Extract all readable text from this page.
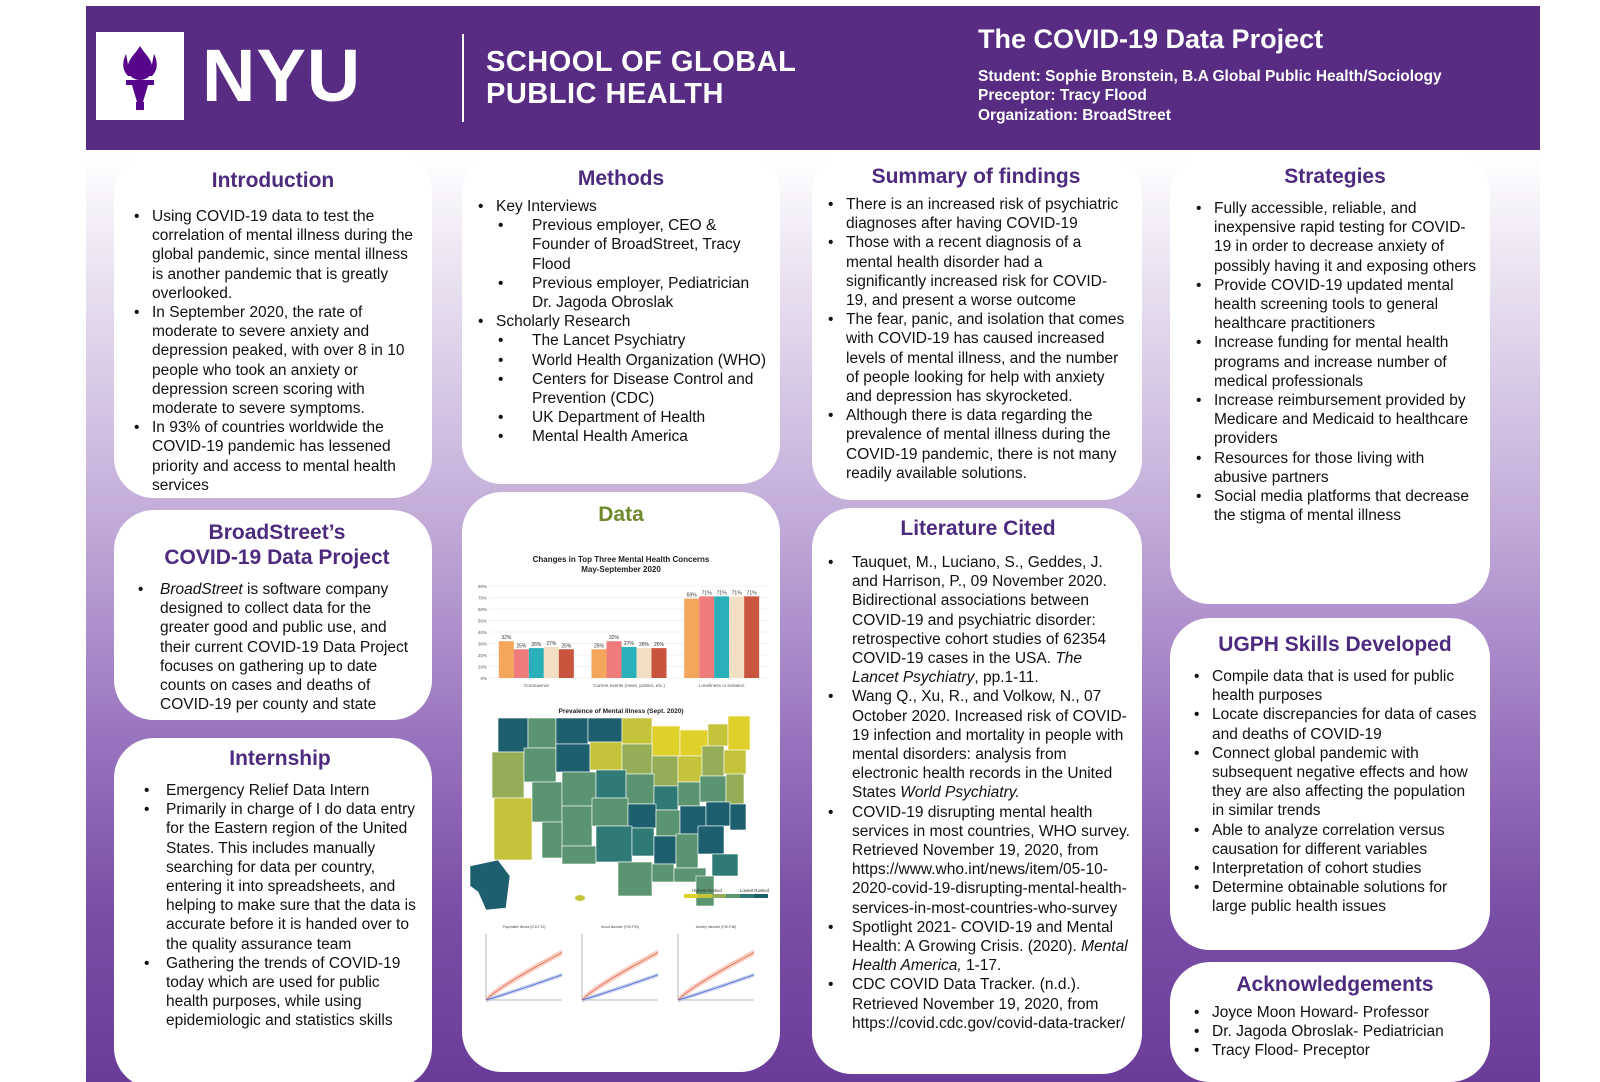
NYU	SCHOOL OF GLOBAL
PUBLIC HEALTH
The COVID-19 Data Project
Student: Sophie Bronstein, B.A Global Public Health/Sociology
Preceptor: Tracy Flood
Organization: BroadStreet
Introduction
• Using COVID-19 data to test the correlation of mental illness during the global pandemic, since mental illness is another pandemic that is greatly overlooked.
• In September 2020, the rate of moderate to severe anxiety and depression peaked, with over 8 in 10 people who took an anxiety or depression screen scoring with moderate to severe symptoms.
• In 93% of countries worldwide the COVID-19 pandemic has lessened priority and access to mental health services
Methods
• Key Interviews
• Previous employer, CEO & Founder of BroadStreet, Tracy Flood
• Previous employer, Pediatrician Dr. Jagoda Obroslak
• Scholarly Research
• The Lancet Psychiatry
• World Health Organization (WHO)
• Centers for Disease Control and Prevention (CDC)
• UK Department of Health
• Mental Health America
Summary of findings
• There is an increased risk of psychiatric diagnoses after having COVID-19
• Those with a recent diagnosis of a mental health disorder had a significantly increased risk for COVID-19, and present a worse outcome
• The fear, panic, and isolation that comes with COVID-19 has caused increased levels of mental illness, and the number of people looking for help with anxiety and depression has skyrocketed.
• Although there is data regarding the prevalence of mental illness during the COVID-19 pandemic, there is not many readily available solutions.
Strategies
• Fully accessible, reliable, and inexpensive rapid testing for COVID-19 in order to decrease anxiety of possibly having it and exposing others
• Provide COVID-19 updated mental health screening tools to general healthcare practitioners
• Increase funding for mental health programs and increase number of medical professionals
• Increase reimbursement provided by Medicare and Medicaid to healthcare providers
• Resources for those living with abusive partners
• Social media platforms that decrease the stigma of mental illness
BroadStreet’s
COVID-19 Data Project
• BroadStreet is software company designed to collect data for the greater good and public use, and their current COVID-19 Data Project focuses on gathering up to date counts on cases and deaths of COVID-19 per county and state
Data
Changes in Top Three Mental Health Concerns
May-September 2020
0%
10%
20%
30%
40%
50%
60%
70%
80%
32%
25% 26% 27% 25%
Coronavirus
25%
32%
27% 26% 26%
Current events (news, politics, etc.)
69% 71% 71% 71% 71%
Loneliness or isolation
Prevalence of Mental Illness (Sept. 2020)
Highest Ranked	Lowest Ranked
Psychiatric illness (ICD-F10)	Mood disorder (F30-F39)	Anxiety disorder (F40-F48)
Literature Cited
• Tauquet, M., Luciano, S., Geddes, J. and Harrison, P., 09 November 2020. Bidirectional associations between COVID-19 and psychiatric disorder: retrospective cohort studies of 62354 COVID-19 cases in the USA. The Lancet Psychiatry, pp.1-11.
• Wang Q., Xu, R., and Volkow, N., 07 October 2020. Increased risk of COVID-19 infection and mortality in people with mental disorders: analysis from electronic health records in the United States World Psychiatry.
• COVID-19 disrupting mental health services in most countries, WHO survey. Retrieved November 19, 2020, from https://www.who.int/news/item/05-10-2020-covid-19-disrupting-mental-health-services-in-most-countries-who-survey
• Spotlight 2021- COVID-19 and Mental Health: A Growing Crisis. (2020). Mental Health America, 1-17.
• CDC COVID Data Tracker. (n.d.). Retrieved November 19, 2020, from https://covid.cdc.gov/covid-data-tracker/
UGPH Skills Developed
• Compile data that is used for public health purposes
• Locate discrepancies for data of cases and deaths of COVID-19
• Connect global pandemic with subsequent negative effects and how they are also affecting the population in similar trends
• Able to analyze correlation versus causation for different variables
• Interpretation of cohort studies
• Determine obtainable solutions for large public health issues
Internship
• Emergency Relief Data Intern
• Primarily in charge of I do data entry for the Eastern region of the United States. This includes manually searching for data per country, entering it into spreadsheets, and helping to make sure that the data is accurate before it is handed over to the quality assurance team
• Gathering the trends of COVID-19 today which are used for public health purposes, while using epidemiologic and statistics skills
Acknowledgements
• Joyce Moon Howard- Professor
• Dr. Jagoda Obroslak- Pediatrician
• Tracy Flood- Preceptor
